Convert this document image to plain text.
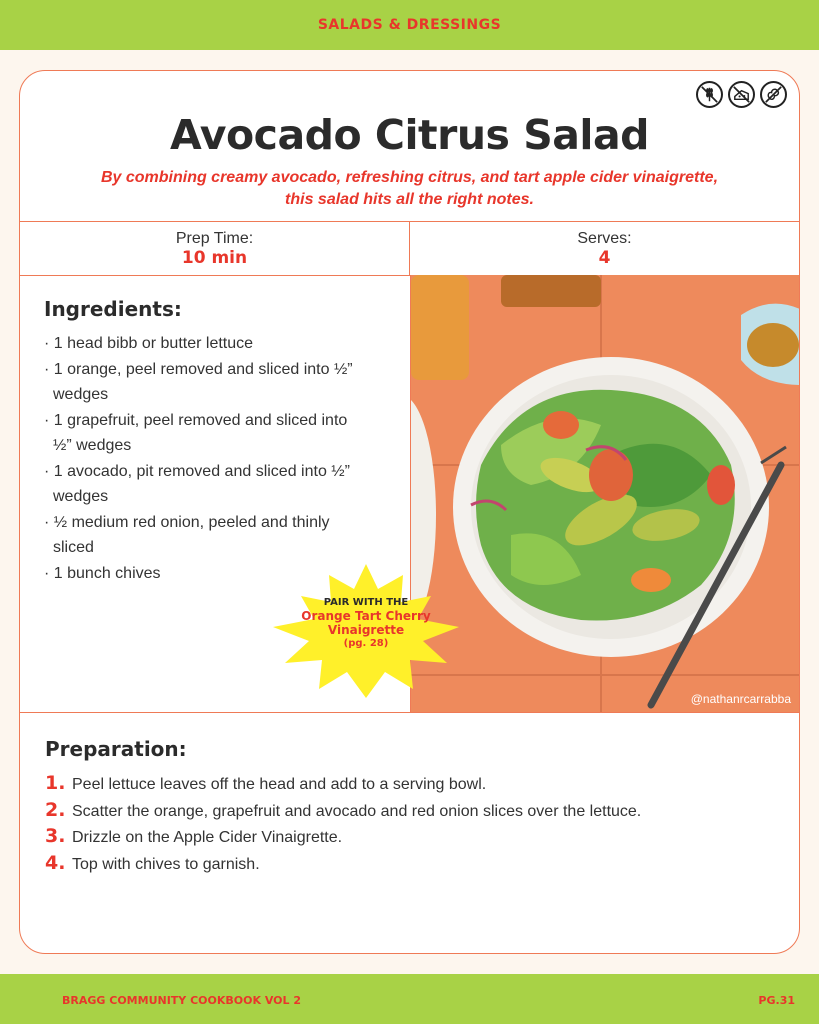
SALADS & DRESSINGS
Avocado Citrus Salad
By combining creamy avocado, refreshing citrus, and tart apple cider vinaigrette,
this salad hits all the right notes.
Prep Time:
10 min
Serves:
4
Ingredients:
· 1 head bibb or butter lettuce
· 1 orange, peel removed and sliced into ½” wedges
· 1 grapefruit, peel removed and sliced into ½” wedges
· 1 avocado, pit removed and sliced into ½” wedges
· ½ medium red onion, peeled and thinly sliced
· 1 bunch chives
@nathanrcarrabba
PAIR WITH THE
Orange Tart Cherry
Vinaigrette
(pg. 28)
Preparation:
1. Peel lettuce leaves off the head and add to a serving bowl.
2. Scatter the orange, grapefruit and avocado and red onion slices over the lettuce.
3. Drizzle on the Apple Cider Vinaigrette.
4. Top with chives to garnish.
BRAGG COMMUNITY COOKBOOK VOL 2	PG.31
